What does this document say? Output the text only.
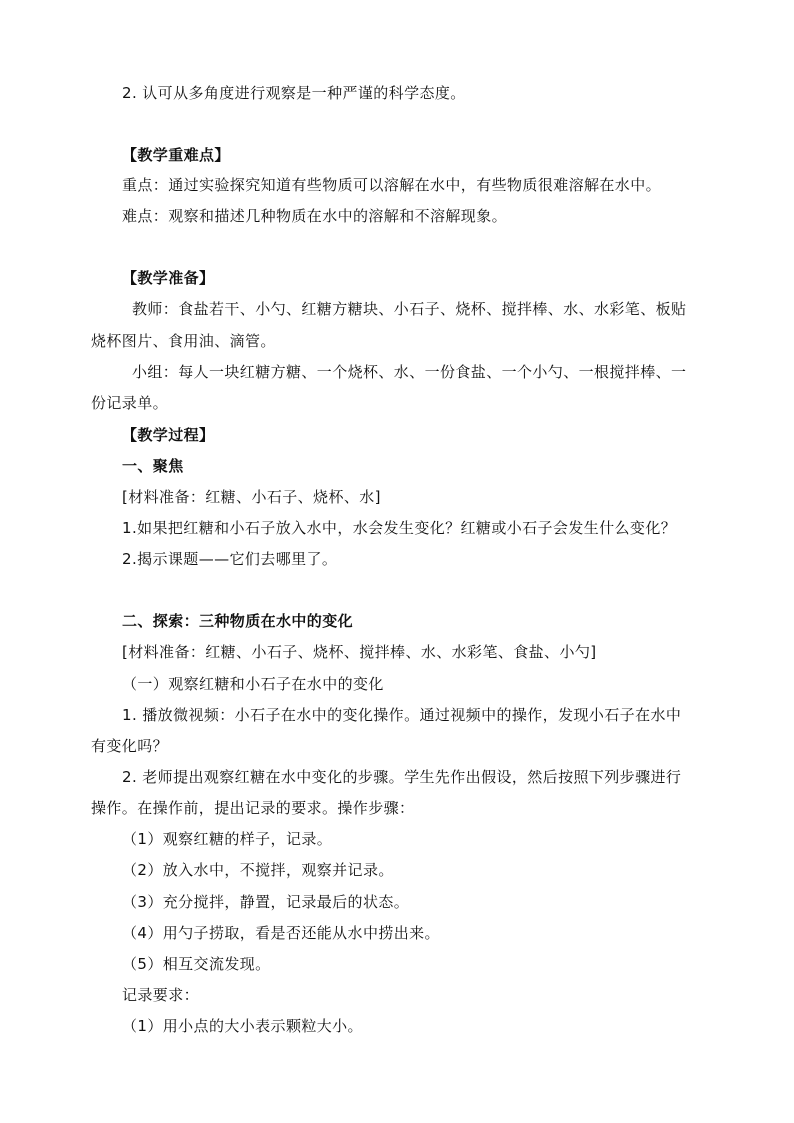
2. 认可从多角度进行观察是一种严谨的科学态度。
【教学重难点】
重点：通过实验探究知道有些物质可以溶解在水中，有些物质很难溶解在水中。
难点：观察和描述几种物质在水中的溶解和不溶解现象。
【教学准备】
教师：食盐若干、小勺、红糖方糖块、小石子、烧杯、搅拌棒、水、水彩笔、板贴
烧杯图片、食用油、滴管。
小组：每人一块红糖方糖、一个烧杯、水、一份食盐、一个小勺、一根搅拌棒、一
份记录单。
【教学过程】
一、聚焦
[材料准备：红糖、小石子、烧杯、水]
1.如果把红糖和小石子放入水中，水会发生变化？红糖或小石子会发生什么变化？
2.揭示课题——它们去哪里了。
二、探索：三种物质在水中的变化
[材料准备：红糖、小石子、烧杯、搅拌棒、水、水彩笔、食盐、小勺]
（一）观察红糖和小石子在水中的变化
1. 播放微视频：小石子在水中的变化操作。通过视频中的操作，发现小石子在水中
有变化吗？
2. 老师提出观察红糖在水中变化的步骤。学生先作出假设，然后按照下列步骤进行
操作。在操作前，提出记录的要求。操作步骤：
（1）观察红糖的样子，记录。
（2）放入水中，不搅拌，观察并记录。
（3）充分搅拌，静置，记录最后的状态。
（4）用勺子捞取，看是否还能从水中捞出来。
（5）相互交流发现。
记录要求：
（1）用小点的大小表示颗粒大小。
